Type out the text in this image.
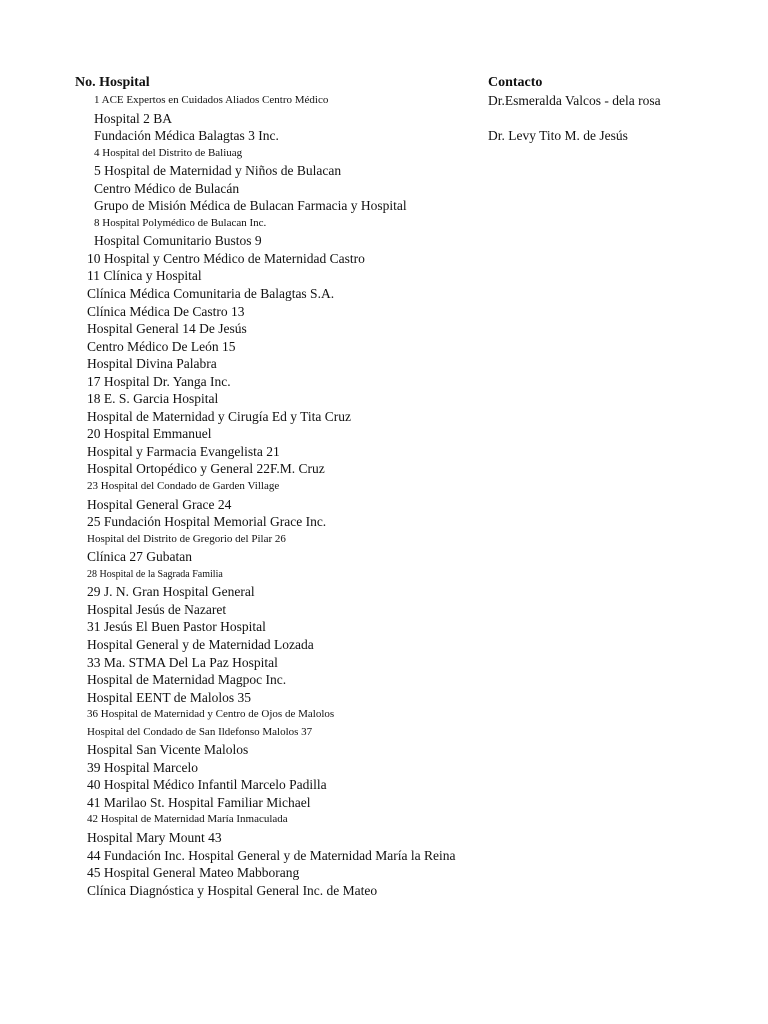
No. Hospital	Contacto
1 ACE Expertos en Cuidados Aliados Centro Médico	Dr.Esmeralda Valcos - dela rosa
Hospital 2 BA
Fundación Médica Balagtas 3 Inc.	Dr. Levy Tito M. de Jesús
4 Hospital del Distrito de Baliuag
5 Hospital de Maternidad y Niños de Bulacan
Centro Médico de Bulacán
Grupo de Misión Médica de Bulacan Farmacia y Hospital
8 Hospital Polymédico de Bulacan Inc.
Hospital Comunitario Bustos 9
10 Hospital y Centro Médico de Maternidad Castro
11 Clínica y Hospital
Clínica Médica Comunitaria de Balagtas S.A.
Clínica Médica De Castro 13
Hospital General 14 De Jesús
Centro Médico De León 15
Hospital Divina Palabra
17 Hospital Dr. Yanga Inc.
18 E. S. Garcia Hospital
Hospital de Maternidad y Cirugía Ed y Tita Cruz
20 Hospital Emmanuel
Hospital y Farmacia Evangelista 21
Hospital Ortopédico y General 22F.M. Cruz
23 Hospital del Condado de Garden Village
Hospital General Grace 24
25 Fundación Hospital Memorial Grace Inc.
Hospital del Distrito de Gregorio del Pilar 26
Clínica 27 Gubatan
28 Hospital de la Sagrada Familia
29 J. N. Gran Hospital General
Hospital Jesús de Nazaret
31 Jesús El Buen Pastor Hospital
Hospital General y de Maternidad Lozada
33 Ma. STMA Del La Paz Hospital
Hospital de Maternidad Magpoc Inc.
Hospital EENT de Malolos 35
36 Hospital de Maternidad y Centro de Ojos de Malolos
Hospital del Condado de San Ildefonso Malolos 37
Hospital San Vicente Malolos
39 Hospital Marcelo
40 Hospital Médico Infantil Marcelo Padilla
41 Marilao St. Hospital Familiar Michael
42 Hospital de Maternidad María Inmaculada
Hospital Mary Mount 43
44 Fundación Inc. Hospital General y de Maternidad María la Reina
45 Hospital General Mateo Mabborang
Clínica Diagnóstica y Hospital General Inc. de Mateo
